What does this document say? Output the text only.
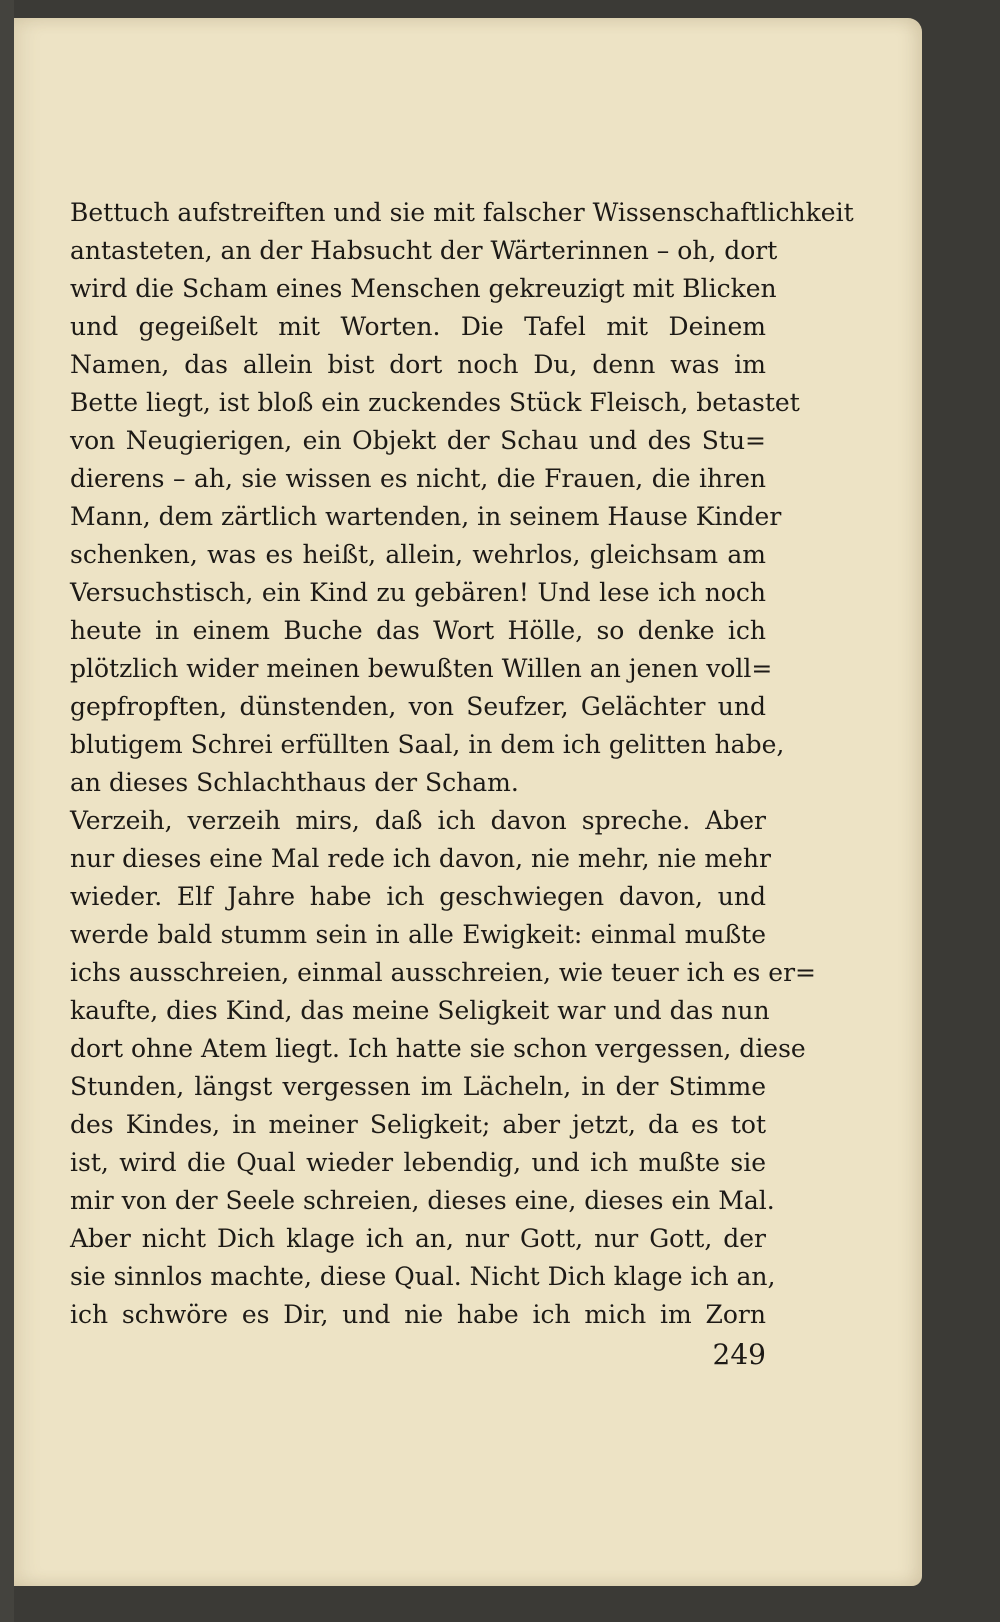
Bettuch aufstreiften und sie mit falscher Wissenschaftlichkeit
antasteten, an der Habsucht der Wärterinnen – oh, dort
wird die Scham eines Menschen gekreuzigt mit Blicken
und gegeißelt mit Worten. Die Tafel mit Deinem
Namen, das allein bist dort noch Du, denn was im
Bette liegt, ist bloß ein zuckendes Stück Fleisch, betastet
von Neugierigen, ein Objekt der Schau und des Stu=
dierens – ah, sie wissen es nicht, die Frauen, die ihren
Mann, dem zärtlich wartenden, in seinem Hause Kinder
schenken, was es heißt, allein, wehrlos, gleichsam am
Versuchstisch, ein Kind zu gebären! Und lese ich noch
heute in einem Buche das Wort Hölle, so denke ich
plötzlich wider meinen bewußten Willen an jenen voll=
gepfropften, dünstenden, von Seufzer, Gelächter und
blutigem Schrei erfüllten Saal, in dem ich gelitten habe,
an dieses Schlachthaus der Scham.
Verzeih, verzeih mirs, daß ich davon spreche. Aber
nur dieses eine Mal rede ich davon, nie mehr, nie mehr
wieder. Elf Jahre habe ich geschwiegen davon, und
werde bald stumm sein in alle Ewigkeit: einmal mußte
ichs ausschreien, einmal ausschreien, wie teuer ich es er=
kaufte, dies Kind, das meine Seligkeit war und das nun
dort ohne Atem liegt. Ich hatte sie schon vergessen, diese
Stunden, längst vergessen im Lächeln, in der Stimme
des Kindes, in meiner Seligkeit; aber jetzt, da es tot
ist, wird die Qual wieder lebendig, und ich mußte sie
mir von der Seele schreien, dieses eine, dieses ein Mal.
Aber nicht Dich klage ich an, nur Gott, nur Gott, der
sie sinnlos machte, diese Qual. Nicht Dich klage ich an,
ich schwöre es Dir, und nie habe ich mich im Zorn
249
